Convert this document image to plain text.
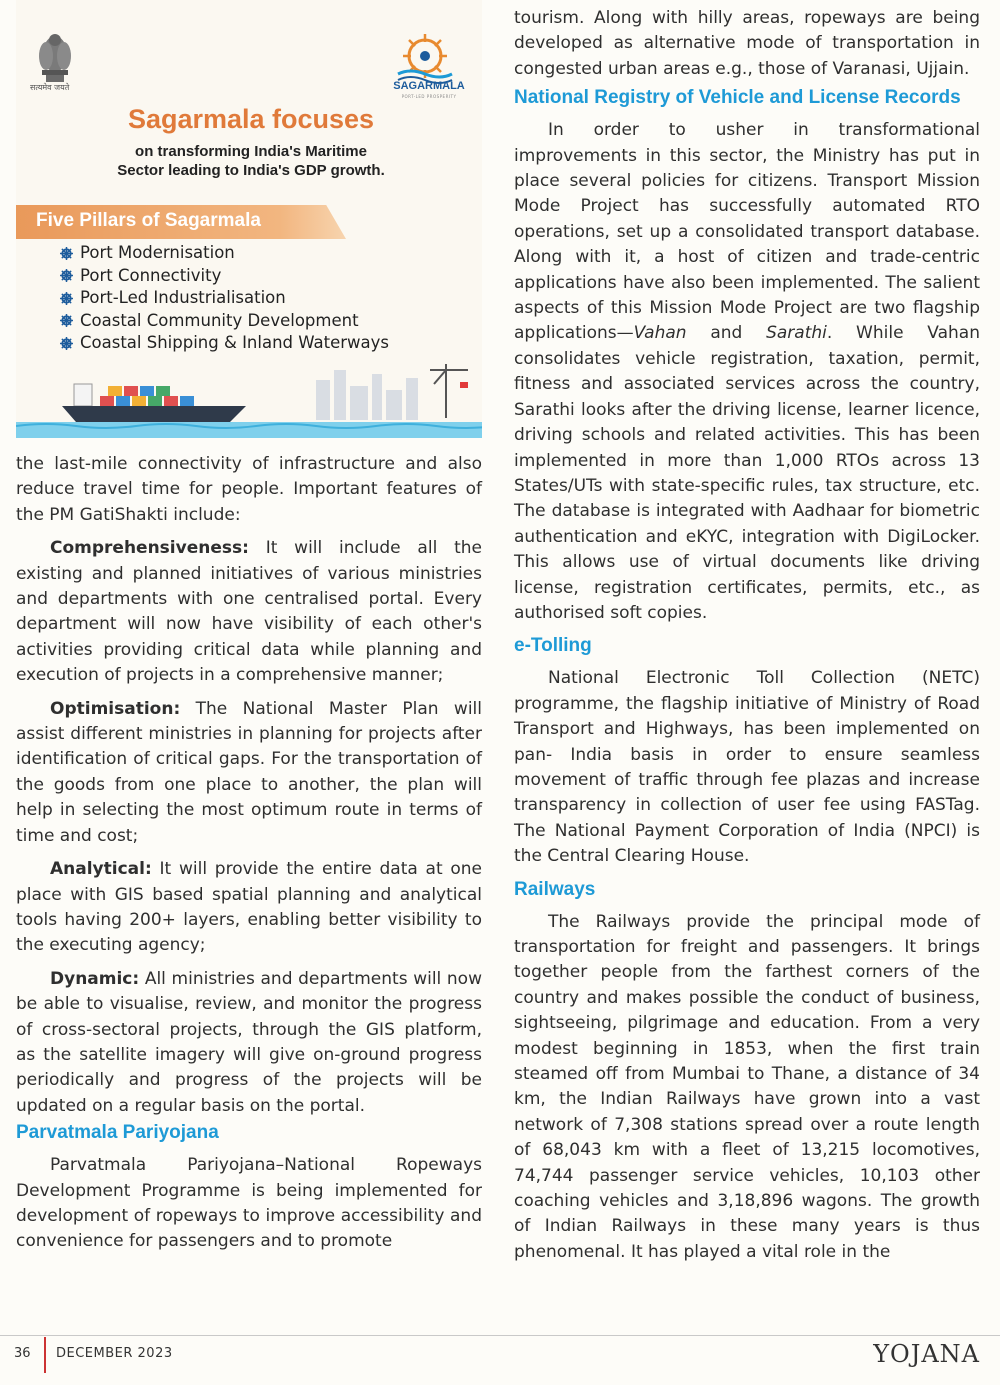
सत्यमेव जयते	SAGARMALA
PORT-LED PROSPERITY
Sagarmala focuses
on transforming India's Maritime
Sector leading to India's GDP growth.
Five Pillars of Sagarmala
Port Modernisation
Port Connectivity
Port-Led Industrialisation
Coastal Community Development
Coastal Shipping & Inland Waterways

the last-mile connectivity of infrastructure and also reduce travel time for people. Important features of the PM GatiShakti include:

Comprehensiveness: It will include all the existing and planned initiatives of various ministries and departments with one centralised portal. Every department will now have visibility of each other's activities providing critical data while planning and execution of projects in a comprehensive manner;

Optimisation: The National Master Plan will assist different ministries in planning for projects after identification of critical gaps. For the transportation of the goods from one place to another, the plan will help in selecting the most optimum route in terms of time and cost;

Analytical: It will provide the entire data at one place with GIS based spatial planning and analytical tools having 200+ layers, enabling better visibility to the executing agency;

Dynamic: All ministries and departments will now be able to visualise, review, and monitor the progress of cross-sectoral projects, through the GIS platform, as the satellite imagery will give on-ground progress periodically and progress of the projects will be updated on a regular basis on the portal.

Parvatmala Pariyojana

Parvatmala Pariyojana–National Ropeways Development Programme is being implemented for development of ropeways to improve accessibility and convenience for passengers and to promote

tourism. Along with hilly areas, ropeways are being developed as alternative mode of transportation in congested urban areas e.g., those of Varanasi, Ujjain.

National Registry of Vehicle and License Records

In order to usher in transformational improvements in this sector, the Ministry has put in place several policies for citizens. Transport Mission Mode Project has successfully automated RTO operations, set up a consolidated transport database. Along with it, a host of citizen and trade-centric applications have also been implemented. The salient aspects of this Mission Mode Project are two flagship applications—Vahan and Sarathi. While Vahan consolidates vehicle registration, taxation, permit, fitness and associated services across the country, Sarathi looks after the driving license, learner licence, driving schools and related activities. This has been implemented in more than 1,000 RTOs across 13 States/UTs with state-specific rules, tax structure, etc. The database is integrated with Aadhaar for biometric authentication and eKYC, integration with DigiLocker. This allows use of virtual documents like driving license, registration certificates, permits, etc., as authorised soft copies.

e-Tolling

National Electronic Toll Collection (NETC) programme, the flagship initiative of Ministry of Road Transport and Highways, has been implemented on pan- India basis in order to ensure seamless movement of traffic through fee plazas and increase transparency in collection of user fee using FASTag. The National Payment Corporation of India (NPCI) is the Central Clearing House.

Railways

The Railways provide the principal mode of transportation for freight and passengers. It brings together people from the farthest corners of the country and makes possible the conduct of business, sightseeing, pilgrimage and education. From a very modest beginning in 1853, when the first train steamed off from Mumbai to Thane, a distance of 34 km, the Indian Railways have grown into a vast network of 7,308 stations spread over a route length of 68,043 km with a fleet of 13,215 locomotives, 74,744 passenger service vehicles, 10,103 other coaching vehicles and 3,18,896 wagons. The growth of Indian Railways in these many years is thus phenomenal. It has played a vital role in the

36 DECEMBER 2023	YOJANA
